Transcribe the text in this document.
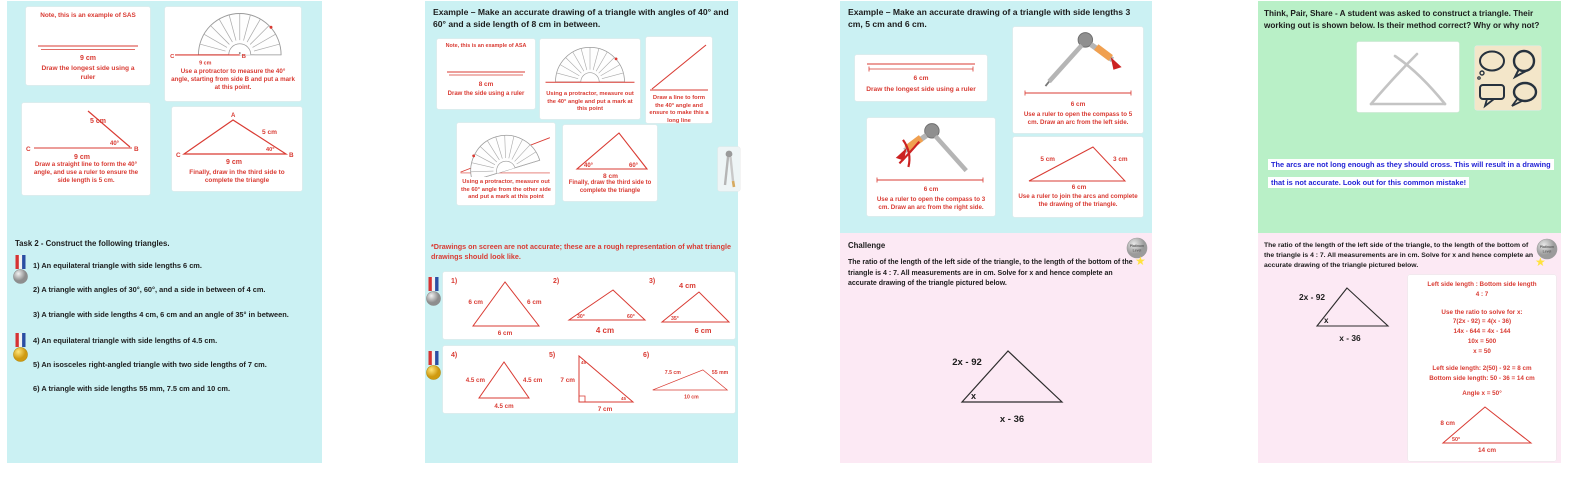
Note, this is an example of SAS
9 cm
Draw the longest side using a ruler
C	B
9 cm
Use a protractor to measure the 40° angle, starting from side B and put a mark at this point.
5 cm
40°
C	B
9 cm
Draw a straight line to form the 40° angle, and use a ruler to ensure the side length is 5 cm.
A
5 cm
40°
C	B
9 cm
Finally, draw in the third side to complete the triangle
Task 2 - Construct the following triangles.
1) An equilateral triangle with side lengths 6 cm.
2) A triangle with angles of 30°, 60°, and a side in between of 4 cm.
3) A triangle with side lengths 4 cm, 6 cm and an angle of 35° in between.
4) An equilateral triangle with side lengths of 4.5 cm.
5) An isosceles right-angled triangle with two side lengths of 7 cm.
6) A triangle with side lengths 55 mm, 7.5 cm and 10 cm.
Example – Make an accurate drawing of a triangle with angles of 40° and 60° and a side length of 8 cm in between.
Note, this is an example of ASA
8 cm
Draw the side using a ruler	Using a protractor, measure out the 40° angle and put a mark at this point
Draw a line to form the 40° angle and ensure to make this a long line
Using a protractor, measure out the 60° angle from the other side and put a mark at this point
40°	60°
8 cm
Finally, draw the third side to complete the triangle
*Drawings on screen are not accurate; these are a rough representation of what triangle drawings should look like.
1)
6 cm	6 cm
6 cm
2)
30°	60°
4 cm
3)	4 cm
35°
6 cm
4)
4.5 cm	4.5 cm
4.5 cm
5)
45
45
7 cm
7 cm
6)
7.5 cm	55 mm
10 cm
Example – Make an accurate drawing of a triangle with side lengths 3 cm, 5 cm and 6 cm.
6 cm
Draw the longest side using a ruler
6 cm
Use a ruler to open the compass to 5 cm. Draw an arc from the left side.
6 cm
Use a ruler to open the compass to 3 cm. Draw an arc from the right side.
5 cm	3 cm
6 cm
Use a ruler to join the arcs and complete the drawing of the triangle.
Challenge	Platinum
Level
★
The ratio of the length of the left side of the triangle, to the length of the bottom of the triangle is 4 : 7. All measurements are in cm. Solve for x and hence complete an accurate drawing of the triangle pictured below.
2x - 92
x
x - 36
Think, Pair, Share - A student was asked to construct a triangle. Their working out is shown below. Is their method correct? Why or why not?
The arcs are not long enough as they should cross. This will result in a drawing that is not accurate. Look out for this common mistake!
The ratio of the length of the left side of the triangle, to the length of the bottom of the triangle is 4 : 7. All measurements are in cm. Solve for x and hence complete an accurate drawing of the triangle pictured below.
Platinum
Level
★
2x - 92
x
x - 36
Left side length : Bottom side length
4 : 7
Use the ratio to solve for x:
7(2x - 92) = 4(x - 36)
14x - 644 = 4x - 144
10x = 500
x = 50
Left side length: 2(50) - 92 = 8 cm
Bottom side length: 50 - 36 = 14 cm
Angle x = 50°
8 cm
50°
14 cm
